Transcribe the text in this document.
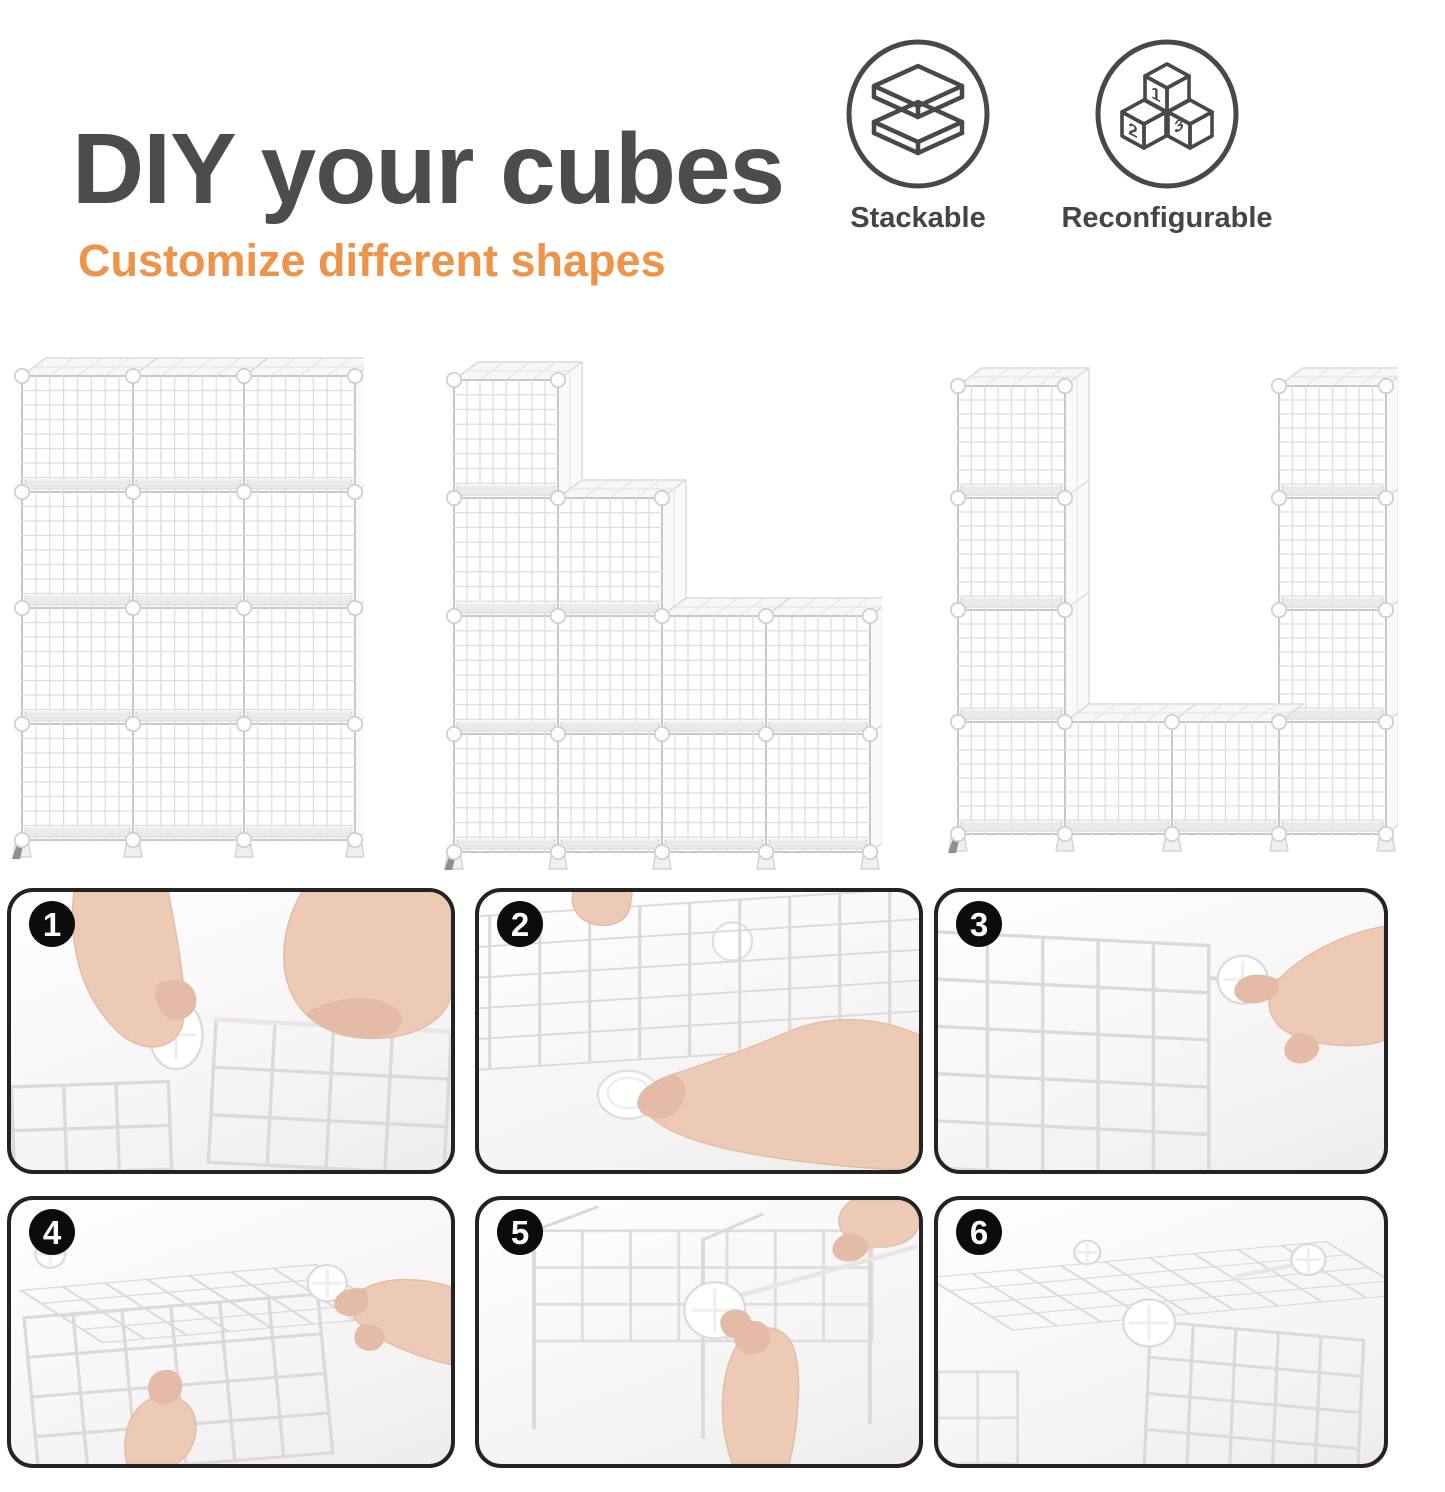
DIY your cubes
Customize different shapes
Stackable
1
2 3
Reconfigurable
1	2	3
4	5	6
